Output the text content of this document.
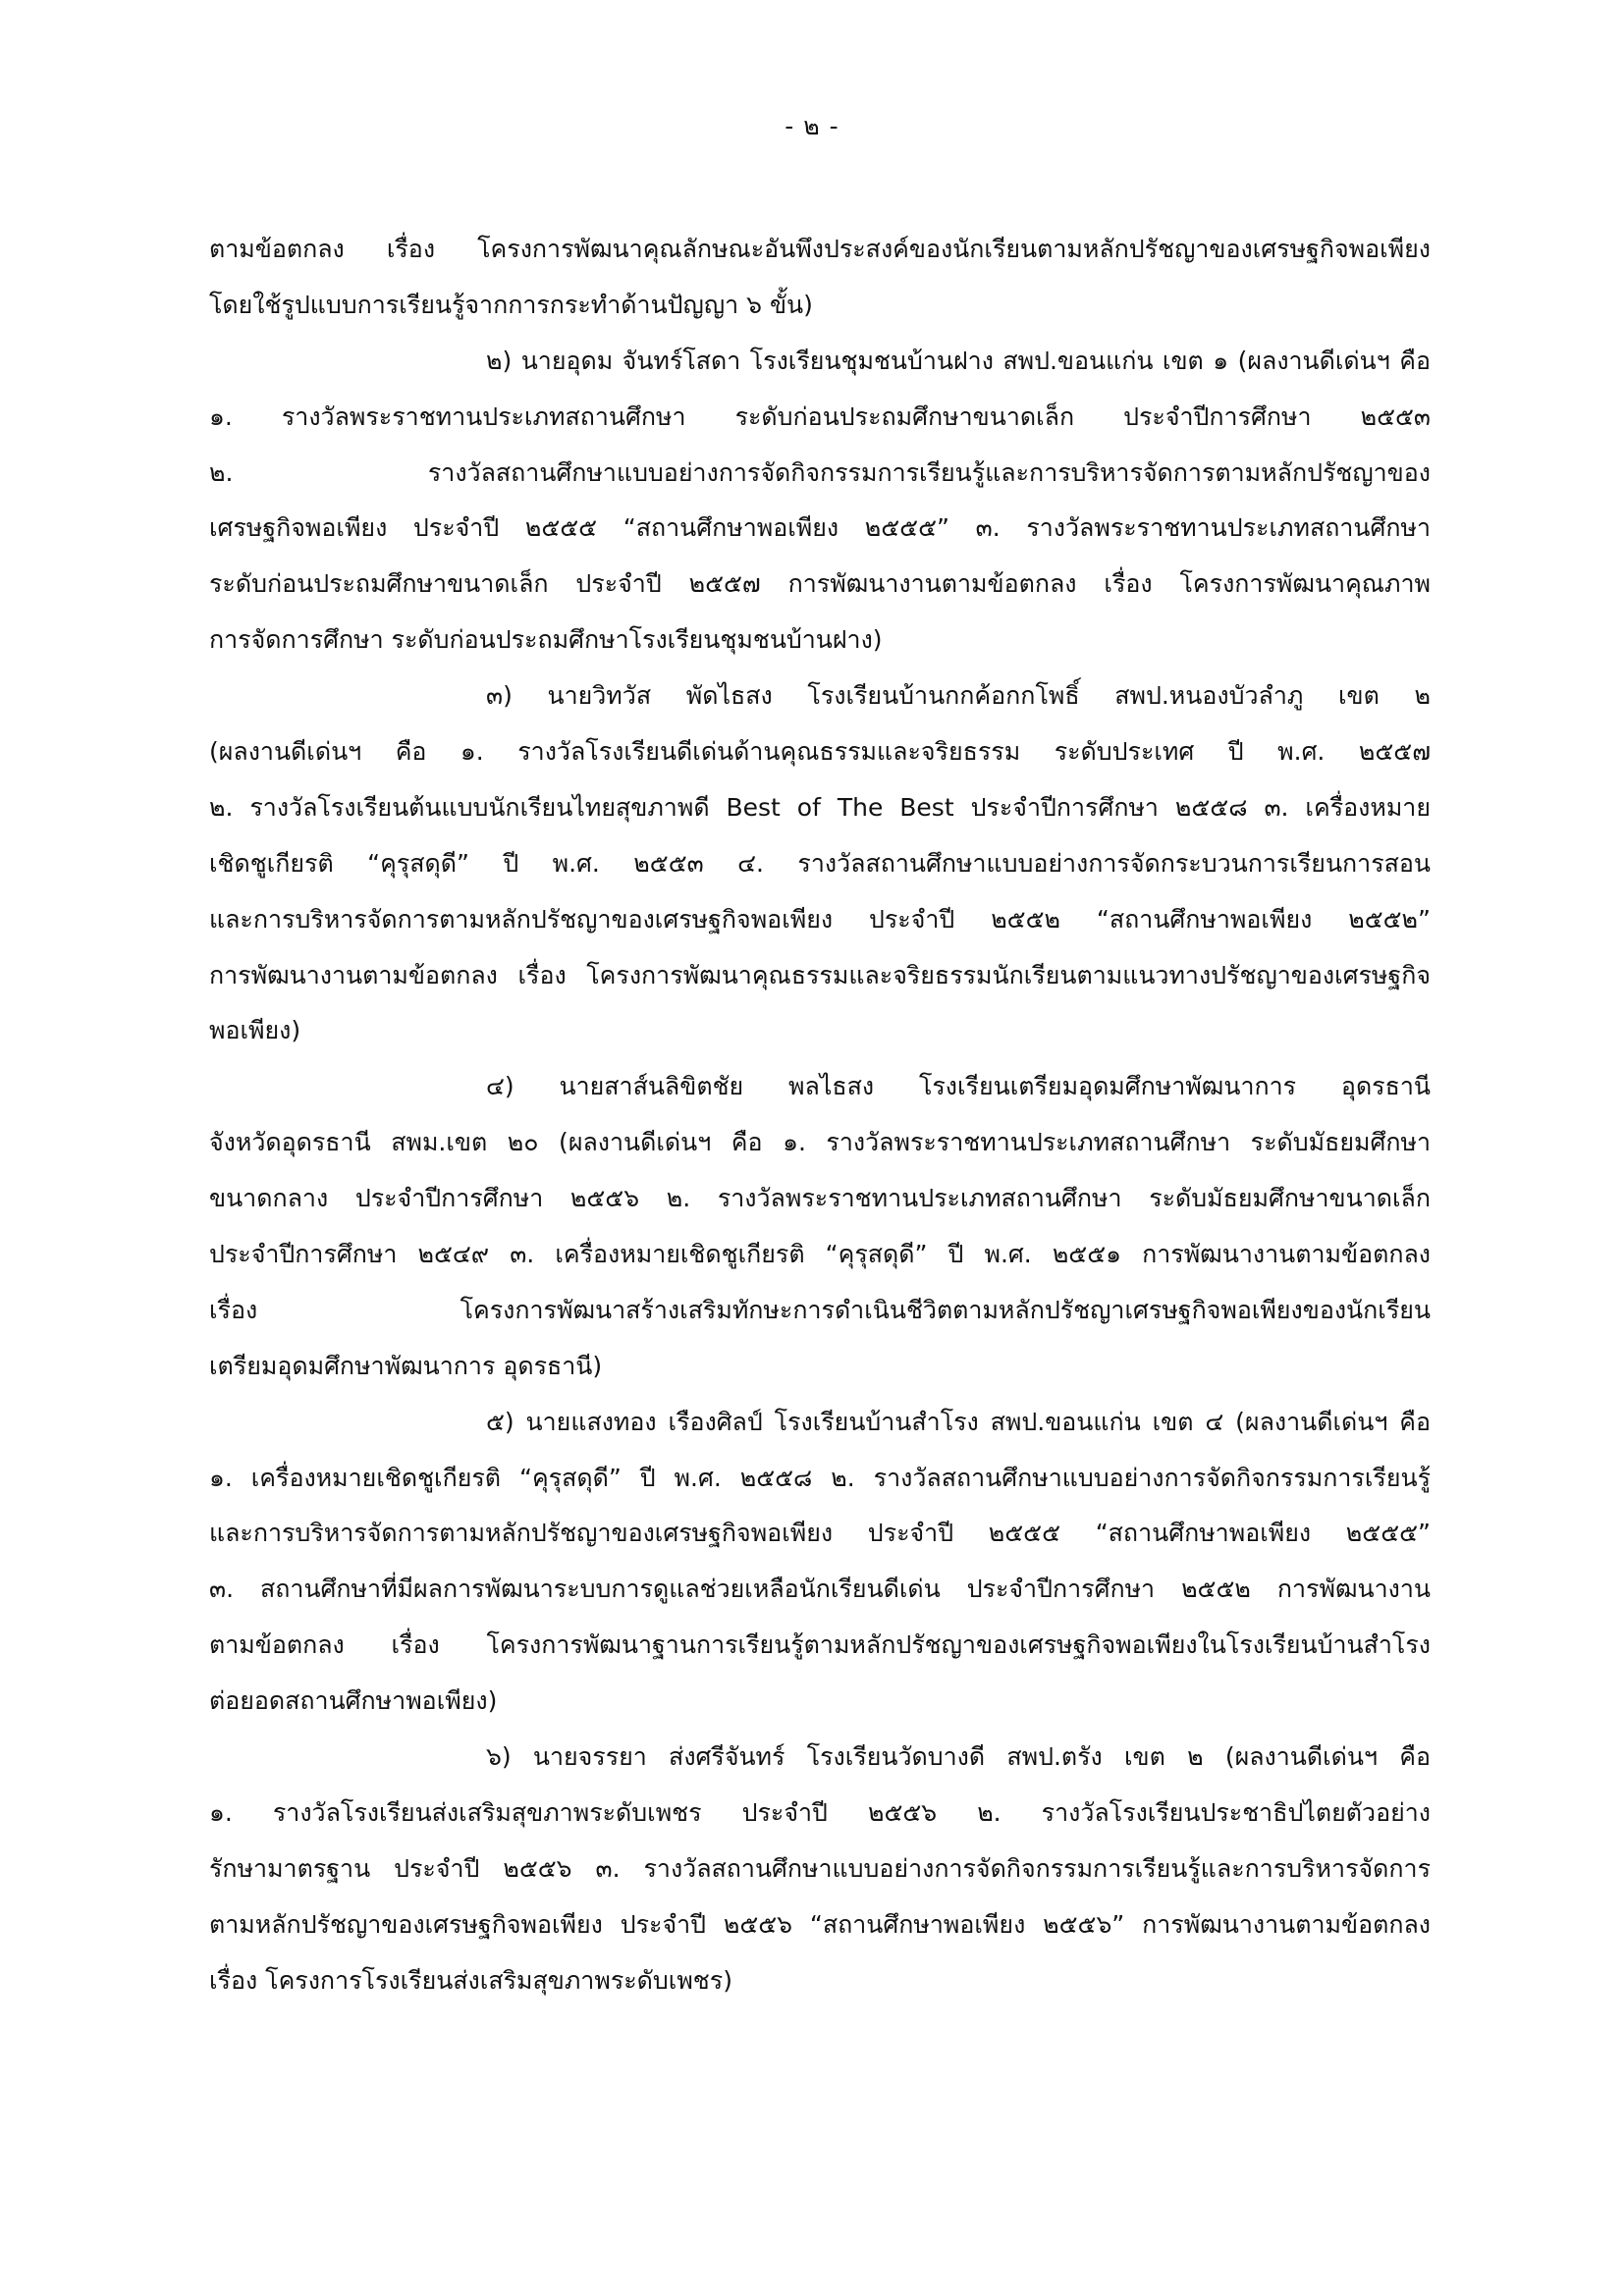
- ๒ -
ตามข้อตกลง เรื่อง โครงการพัฒนาคุณลักษณะอันพึงประสงค์ของนักเรียนตามหลักปรัชญาของเศรษฐกิจพอเพียง
โดยใช้รูปแบบการเรียนรู้จากการกระทำด้านปัญญา ๖ ขั้น)
๒) นายอุดม จันทร์โสดา โรงเรียนชุมชนบ้านฝาง สพป.ขอนแก่น เขต ๑ (ผลงานดีเด่นฯ คือ
๑. รางวัลพระราชทานประเภทสถานศึกษา ระดับก่อนประถมศึกษาขนาดเล็ก ประจำปีการศึกษา ๒๕๕๓
๒. รางวัลสถานศึกษาแบบอย่างการจัดกิจกรรมการเรียนรู้และการบริหารจัดการตามหลักปรัชญาของ
เศรษฐกิจพอเพียง ประจำปี ๒๕๕๕ “สถานศึกษาพอเพียง ๒๕๕๕” ๓. รางวัลพระราชทานประเภทสถานศึกษา
ระดับก่อนประถมศึกษาขนาดเล็ก ประจำปี ๒๕๕๗ การพัฒนางานตามข้อตกลง เรื่อง โครงการพัฒนาคุณภาพ
การจัดการศึกษา ระดับก่อนประถมศึกษาโรงเรียนชุมชนบ้านฝาง)
๓) นายวิทวัส พัดไธสง โรงเรียนบ้านกกค้อกกโพธิ์ สพป.หนองบัวลำภู เขต ๒
(ผลงานดีเด่นฯ คือ ๑. รางวัลโรงเรียนดีเด่นด้านคุณธรรมและจริยธรรม ระดับประเทศ ปี พ.ศ. ๒๕๕๗
๒. รางวัลโรงเรียนต้นแบบนักเรียนไทยสุขภาพดี Best of The Best ประจำปีการศึกษา ๒๕๕๘ ๓. เครื่องหมาย
เชิดชูเกียรติ “คุรุสดุดี” ปี พ.ศ. ๒๕๕๓ ๔. รางวัลสถานศึกษาแบบอย่างการจัดกระบวนการเรียนการสอน
และการบริหารจัดการตามหลักปรัชญาของเศรษฐกิจพอเพียง ประจำปี ๒๕๕๒ “สถานศึกษาพอเพียง ๒๕๕๒”
การพัฒนางานตามข้อตกลง เรื่อง โครงการพัฒนาคุณธรรมและจริยธรรมนักเรียนตามแนวทางปรัชญาของเศรษฐกิจ
พอเพียง)
๔) นายสาส์นลิขิตชัย พลไธสง โรงเรียนเตรียมอุดมศึกษาพัฒนาการ อุดรธานี
จังหวัดอุดรธานี สพม.เขต ๒๐ (ผลงานดีเด่นฯ คือ ๑. รางวัลพระราชทานประเภทสถานศึกษา ระดับมัธยมศึกษา
ขนาดกลาง ประจำปีการศึกษา ๒๕๕๖ ๒. รางวัลพระราชทานประเภทสถานศึกษา ระดับมัธยมศึกษาขนาดเล็ก
ประจำปีการศึกษา ๒๕๔๙ ๓. เครื่องหมายเชิดชูเกียรติ “คุรุสดุดี” ปี พ.ศ. ๒๕๕๑ การพัฒนางานตามข้อตกลง
เรื่อง โครงการพัฒนาสร้างเสริมทักษะการดำเนินชีวิตตามหลักปรัชญาเศรษฐกิจพอเพียงของนักเรียน
เตรียมอุดมศึกษาพัฒนาการ อุดรธานี)
๕) นายแสงทอง เรืองศิลป์ โรงเรียนบ้านสำโรง สพป.ขอนแก่น เขต ๔ (ผลงานดีเด่นฯ คือ
๑. เครื่องหมายเชิดชูเกียรติ “คุรุสดุดี” ปี พ.ศ. ๒๕๕๘ ๒. รางวัลสถานศึกษาแบบอย่างการจัดกิจกรรมการเรียนรู้
และการบริหารจัดการตามหลักปรัชญาของเศรษฐกิจพอเพียง ประจำปี ๒๕๕๕ “สถานศึกษาพอเพียง ๒๕๕๕”
๓. สถานศึกษาที่มีผลการพัฒนาระบบการดูแลช่วยเหลือนักเรียนดีเด่น ประจำปีการศึกษา ๒๕๕๒ การพัฒนางาน
ตามข้อตกลง เรื่อง โครงการพัฒนาฐานการเรียนรู้ตามหลักปรัชญาของเศรษฐกิจพอเพียงในโรงเรียนบ้านสำโรง
ต่อยอดสถานศึกษาพอเพียง)
๖) นายจรรยา ส่งศรีจันทร์ โรงเรียนวัดบางดี สพป.ตรัง เขต ๒ (ผลงานดีเด่นฯ คือ
๑. รางวัลโรงเรียนส่งเสริมสุขภาพระดับเพชร ประจำปี ๒๕๕๖ ๒. รางวัลโรงเรียนประชาธิปไตยตัวอย่าง
รักษามาตรฐาน ประจำปี ๒๕๕๖ ๓. รางวัลสถานศึกษาแบบอย่างการจัดกิจกรรมการเรียนรู้และการบริหารจัดการ
ตามหลักปรัชญาของเศรษฐกิจพอเพียง ประจำปี ๒๕๕๖ “สถานศึกษาพอเพียง ๒๕๕๖” การพัฒนางานตามข้อตกลง
เรื่อง โครงการโรงเรียนส่งเสริมสุขภาพระดับเพชร)
